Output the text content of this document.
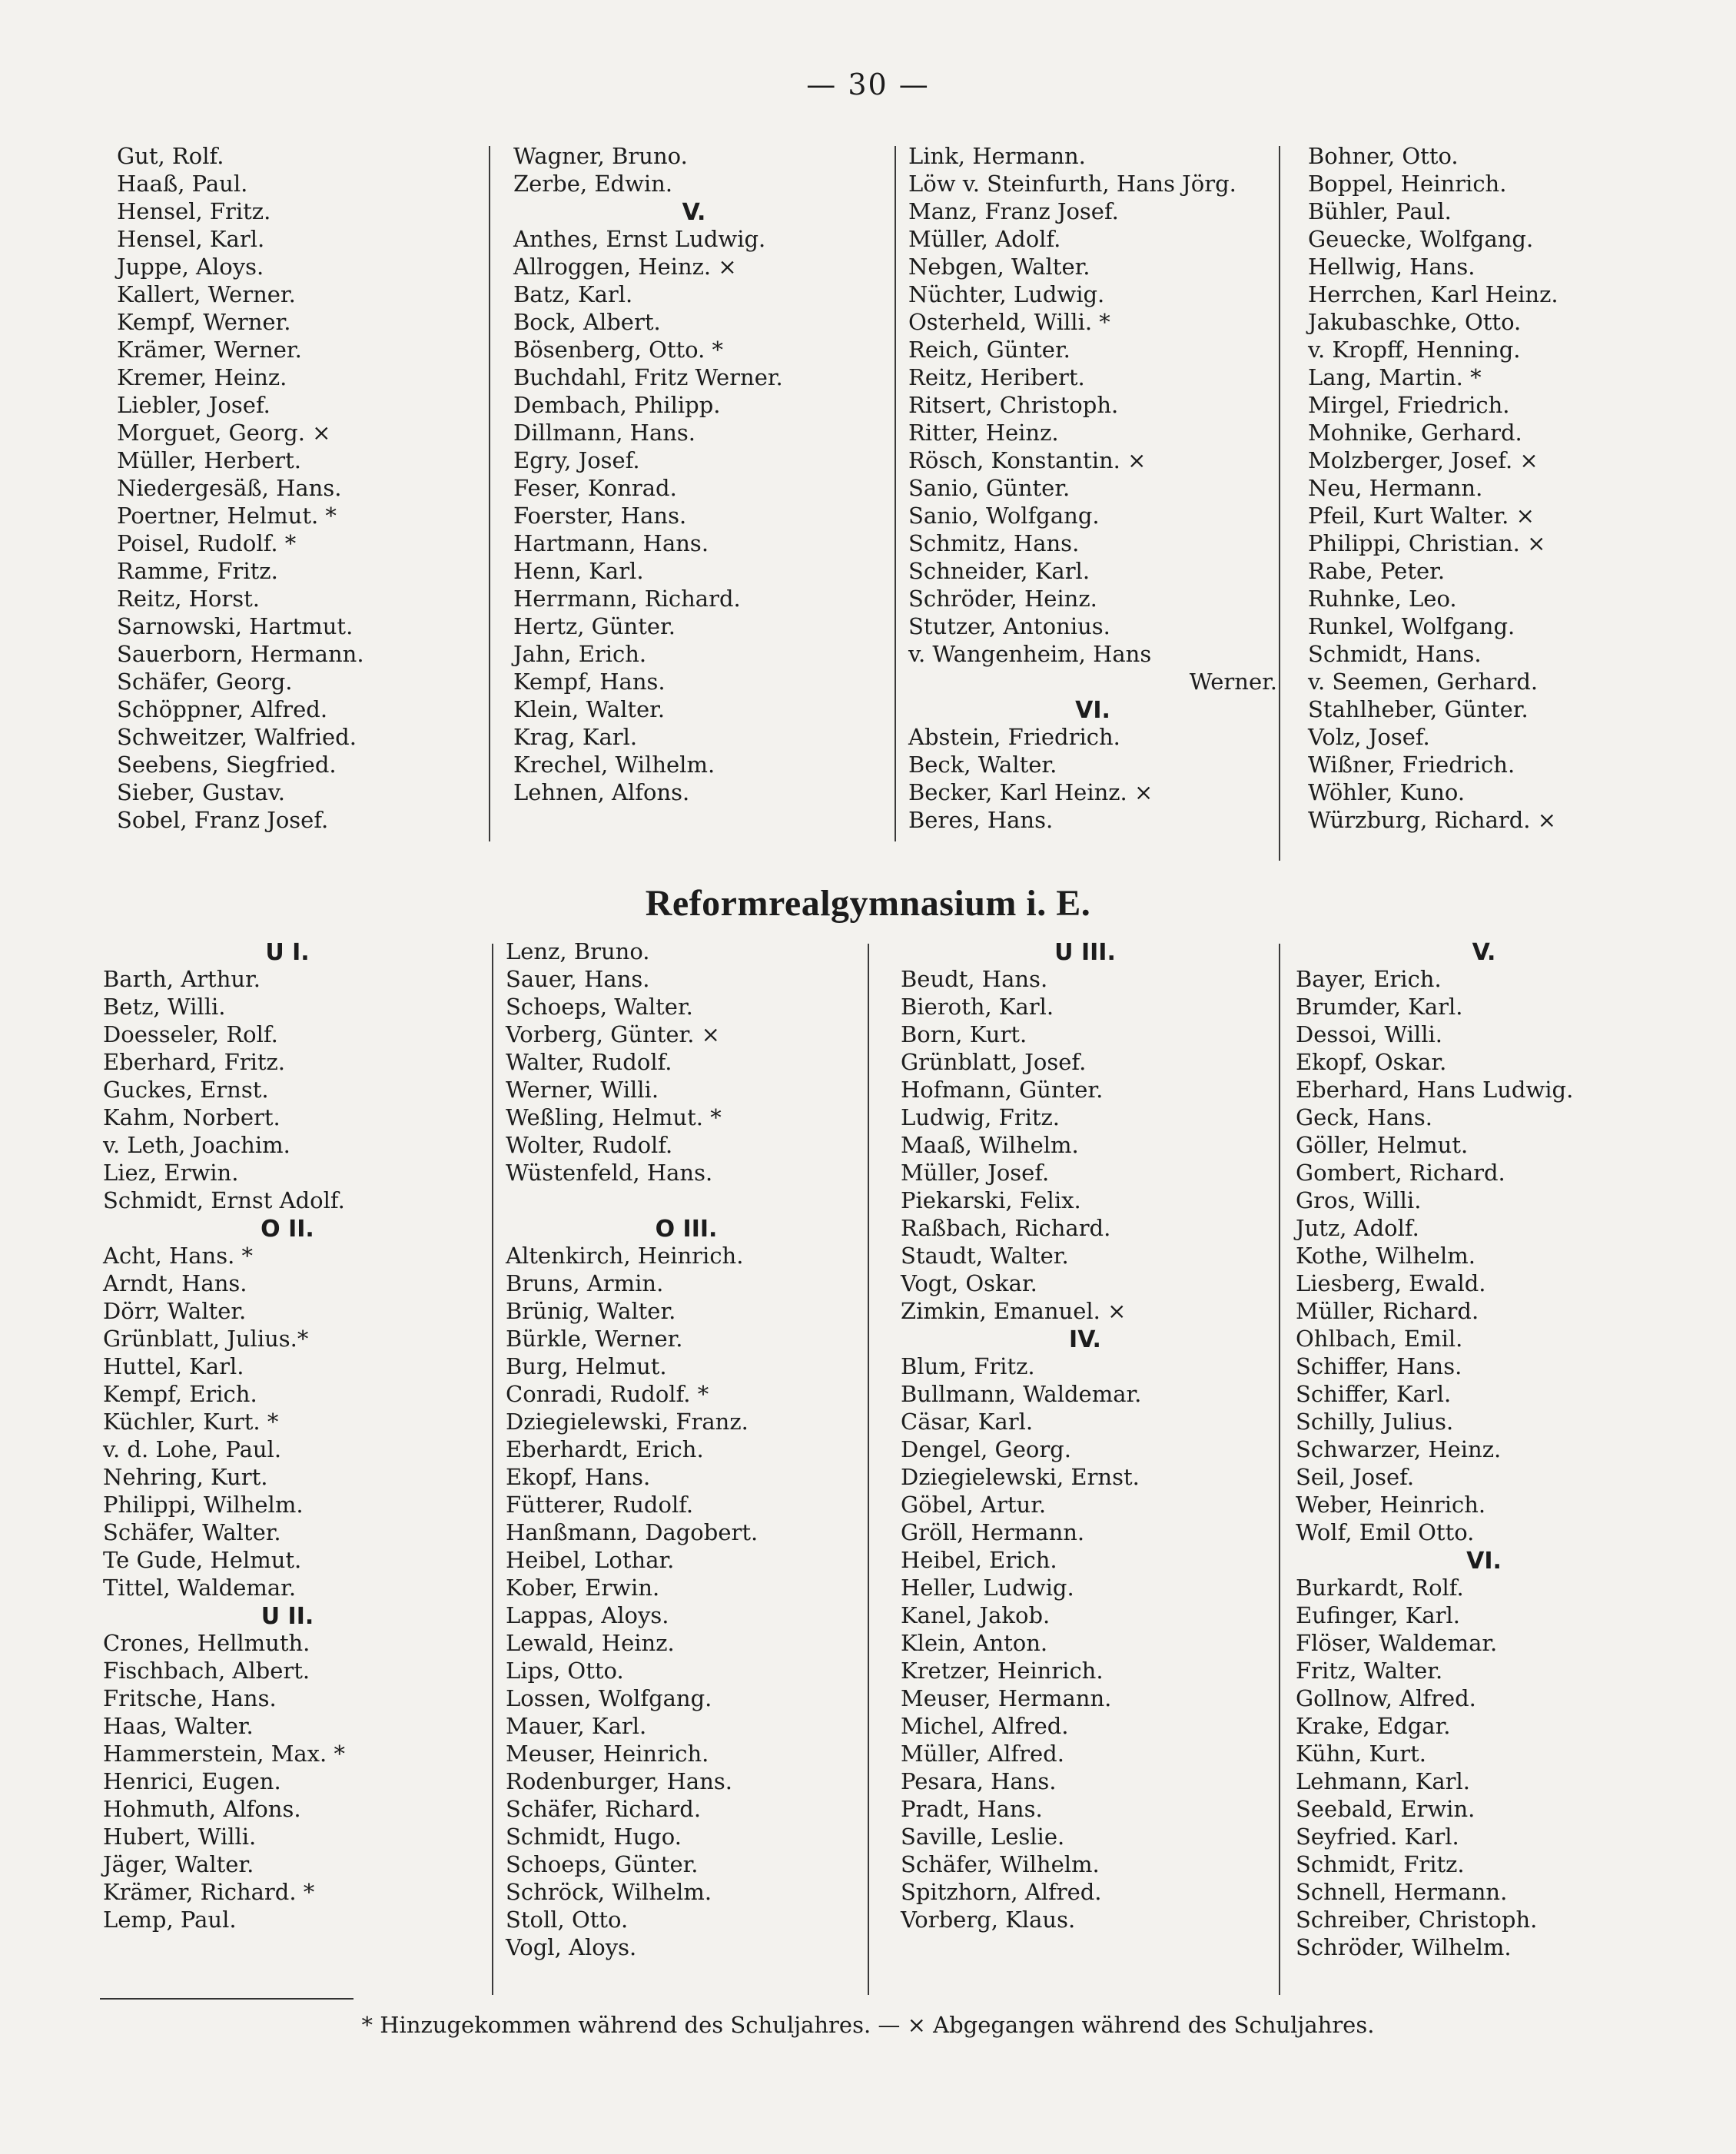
— 30 —
Gut, Rolf.
Haaß, Paul.
Hensel, Fritz.
Hensel, Karl.
Juppe, Aloys.
Kallert, Werner.
Kempf, Werner.
Krämer, Werner.
Kremer, Heinz.
Liebler, Josef.
Morguet, Georg. ×
Müller, Herbert.
Niedergesäß, Hans.
Poertner, Helmut. *
Poisel, Rudolf. *
Ramme, Fritz.
Reitz, Horst.
Sarnowski, Hartmut.
Sauerborn, Hermann.
Schäfer, Georg.
Schöppner, Alfred.
Schweitzer, Walfried.
Seebens, Siegfried.
Sieber, Gustav.
Sobel, Franz Josef.
Wagner, Bruno.
Zerbe, Edwin.
V.
Anthes, Ernst Ludwig.
Allroggen, Heinz. ×
Batz, Karl.
Bock, Albert.
Bösenberg, Otto. *
Buchdahl, Fritz Werner.
Dembach, Philipp.
Dillmann, Hans.
Egry, Josef.
Feser, Konrad.
Foerster, Hans.
Hartmann, Hans.
Henn, Karl.
Herrmann, Richard.
Hertz, Günter.
Jahn, Erich.
Kempf, Hans.
Klein, Walter.
Krag, Karl.
Krechel, Wilhelm.
Lehnen, Alfons.
Link, Hermann.
Löw v. Steinfurth, Hans Jörg.
Manz, Franz Josef.
Müller, Adolf.
Nebgen, Walter.
Nüchter, Ludwig.
Osterheld, Willi. *
Reich, Günter.
Reitz, Heribert.
Ritsert, Christoph.
Ritter, Heinz.
Rösch, Konstantin. ×
Sanio, Günter.
Sanio, Wolfgang.
Schmitz, Hans.
Schneider, Karl.
Schröder, Heinz.
Stutzer, Antonius.
v. Wangenheim, Hans
Werner.
VI.
Abstein, Friedrich.
Beck, Walter.
Becker, Karl Heinz. ×
Beres, Hans.
Bohner, Otto.
Boppel, Heinrich.
Bühler, Paul.
Geuecke, Wolfgang.
Hellwig, Hans.
Herrchen, Karl Heinz.
Jakubaschke, Otto.
v. Kropff, Henning.
Lang, Martin. *
Mirgel, Friedrich.
Mohnike, Gerhard.
Molzberger, Josef. ×
Neu, Hermann.
Pfeil, Kurt Walter. ×
Philippi, Christian. ×
Rabe, Peter.
Ruhnke, Leo.
Runkel, Wolfgang.
Schmidt, Hans.
v. Seemen, Gerhard.
Stahlheber, Günter.
Volz, Josef.
Wißner, Friedrich.
Wöhler, Kuno.
Würzburg, Richard. ×
Reformrealgymnasium i. E.
U I.
Barth, Arthur.
Betz, Willi.
Doesseler, Rolf.
Eberhard, Fritz.
Guckes, Ernst.
Kahm, Norbert.
v. Leth, Joachim.
Liez, Erwin.
Schmidt, Ernst Adolf.
O II.
Acht, Hans. *
Arndt, Hans.
Dörr, Walter.
Grünblatt, Julius.*
Huttel, Karl.
Kempf, Erich.
Küchler, Kurt. *
v. d. Lohe, Paul.
Nehring, Kurt.
Philippi, Wilhelm.
Schäfer, Walter.
Te Gude, Helmut.
Tittel, Waldemar.
U II.
Crones, Hellmuth.
Fischbach, Albert.
Fritsche, Hans.
Haas, Walter.
Hammerstein, Max. *
Henrici, Eugen.
Hohmuth, Alfons.
Hubert, Willi.
Jäger, Walter.
Krämer, Richard. *
Lemp, Paul.
Lenz, Bruno.
Sauer, Hans.
Schoeps, Walter.
Vorberg, Günter. ×
Walter, Rudolf.
Werner, Willi.
Weßling, Helmut. *
Wolter, Rudolf.
Wüstenfeld, Hans.
O III.
Altenkirch, Heinrich.
Bruns, Armin.
Brünig, Walter.
Bürkle, Werner.
Burg, Helmut.
Conradi, Rudolf. *
Dziegielewski, Franz.
Eberhardt, Erich.
Ekopf, Hans.
Fütterer, Rudolf.
Hanßmann, Dagobert.
Heibel, Lothar.
Kober, Erwin.
Lappas, Aloys.
Lewald, Heinz.
Lips, Otto.
Lossen, Wolfgang.
Mauer, Karl.
Meuser, Heinrich.
Rodenburger, Hans.
Schäfer, Richard.
Schmidt, Hugo.
Schoeps, Günter.
Schröck, Wilhelm.
Stoll, Otto.
Vogl, Aloys.
U III.
Beudt, Hans.
Bieroth, Karl.
Born, Kurt.
Grünblatt, Josef.
Hofmann, Günter.
Ludwig, Fritz.
Maaß, Wilhelm.
Müller, Josef.
Piekarski, Felix.
Raßbach, Richard.
Staudt, Walter.
Vogt, Oskar.
Zimkin, Emanuel. ×
IV.
Blum, Fritz.
Bullmann, Waldemar.
Cäsar, Karl.
Dengel, Georg.
Dziegielewski, Ernst.
Göbel, Artur.
Gröll, Hermann.
Heibel, Erich.
Heller, Ludwig.
Kanel, Jakob.
Klein, Anton.
Kretzer, Heinrich.
Meuser, Hermann.
Michel, Alfred.
Müller, Alfred.
Pesara, Hans.
Pradt, Hans.
Saville, Leslie.
Schäfer, Wilhelm.
Spitzhorn, Alfred.
Vorberg, Klaus.
V.
Bayer, Erich.
Brumder, Karl.
Dessoi, Willi.
Ekopf, Oskar.
Eberhard, Hans Ludwig.
Geck, Hans.
Göller, Helmut.
Gombert, Richard.
Gros, Willi.
Jutz, Adolf.
Kothe, Wilhelm.
Liesberg, Ewald.
Müller, Richard.
Ohlbach, Emil.
Schiffer, Hans.
Schiffer, Karl.
Schilly, Julius.
Schwarzer, Heinz.
Seil, Josef.
Weber, Heinrich.
Wolf, Emil Otto.
VI.
Burkardt, Rolf.
Eufinger, Karl.
Flöser, Waldemar.
Fritz, Walter.
Gollnow, Alfred.
Krake, Edgar.
Kühn, Kurt.
Lehmann, Karl.
Seebald, Erwin.
Seyfried. Karl.
Schmidt, Fritz.
Schnell, Hermann.
Schreiber, Christoph.
Schröder, Wilhelm.
* Hinzugekommen während des Schuljahres. — × Abgegangen während des Schuljahres.
